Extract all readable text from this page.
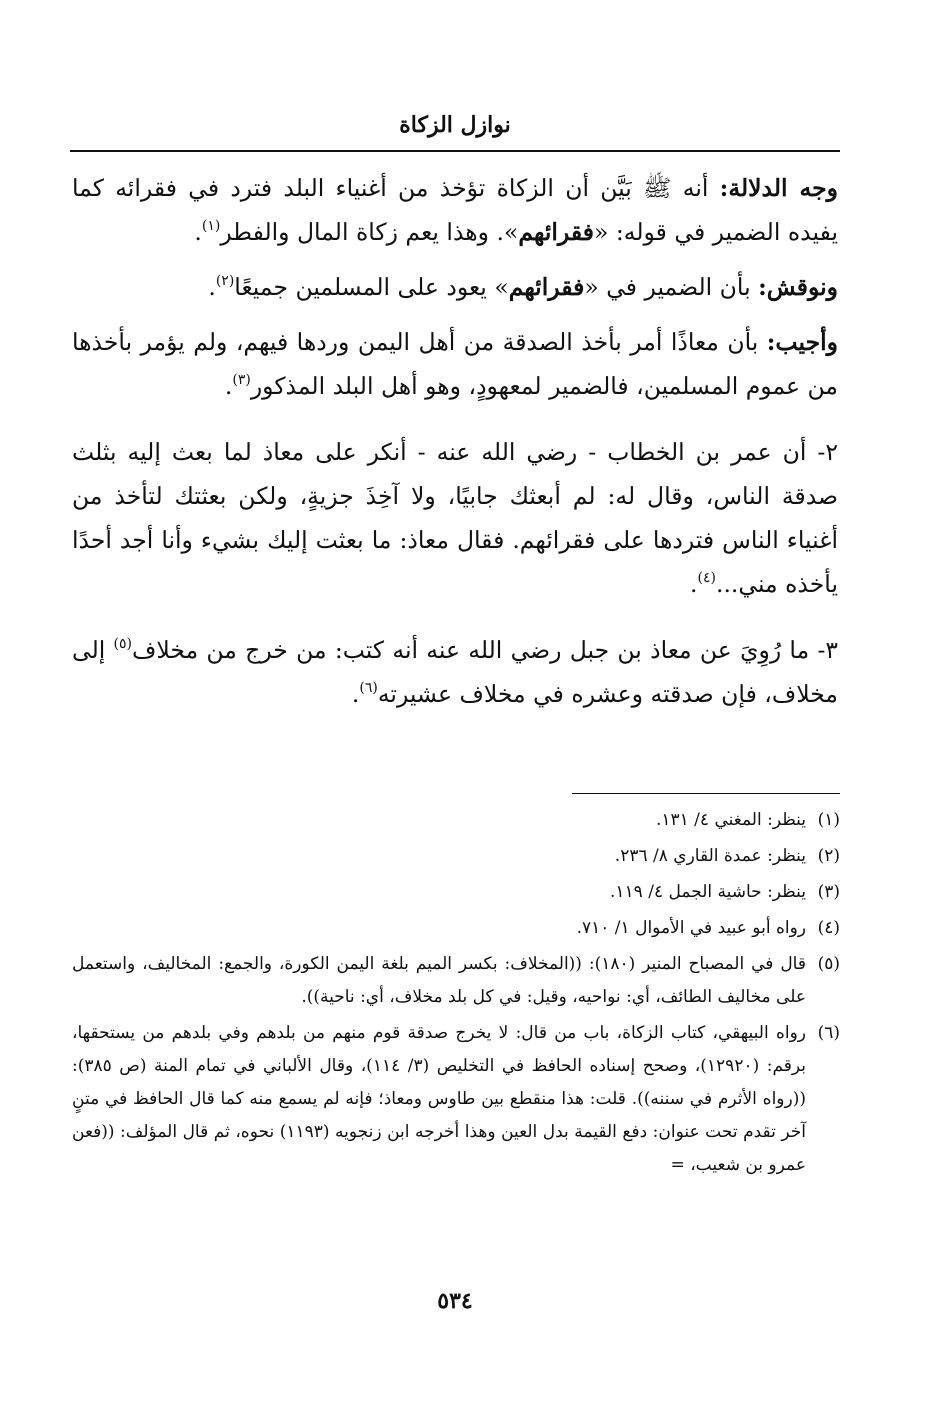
نوازل الزكاة

وجه الدلالة: أنه ﷺ بَيَّن أن الزكاة تؤخذ من أغنياء البلد فترد في فقرائه كما يفيده الضمير في قوله: «فقرائهم». وهذا يعم زكاة المال والفطر$^{(١)}$.

ونوقش: بأن الضمير في «فقرائهم» يعود على المسلمين جميعًا$^{(٢)}$.

وأجيب: بأن معاذًا أمر بأخذ الصدقة من أهل اليمن وردها فيهم، ولم يؤمر بأخذها من عموم المسلمين، فالضمير لمعهودٍ، وهو أهل البلد المذكور$^{(٣)}$.

٢- أن عمر بن الخطاب - رضي الله عنه - أنكر على معاذ لما بعث إليه بثلث صدقة الناس، وقال له: لم أبعثك جابيًا، ولا آخِذَ جزيةٍ، ولكن بعثتك لتأخذ من أغنياء الناس فتردها على فقرائهم. فقال معاذ: ما بعثت إليك بشيء وأنا أجد أحدًا يأخذه مني...$^{(٤)}$.

٣- ما رُوِيَ عن معاذ بن جبل رضي الله عنه أنه كتب: من خرج من مخلاف$^{(٥)}$ إلى مخلاف، فإن صدقته وعشره في مخلاف عشيرته$^{(٦)}$.

(١)
ينظر: المغني ٤/ ١٣١.
(٢)
ينظر: عمدة القاري ٨/ ٢٣٦.
(٣)
ينظر: حاشية الجمل ٤/ ١١٩.
(٤)
رواه أبو عبيد في الأموال ١/ ٧١٠.
(٥)
قال في المصباح المنير (١٨٠): ((المخلاف: بكسر الميم بلغة اليمن الكورة، والجمع: المخاليف، واستعمل على مخاليف الطائف، أي: نواحيه، وقيل: في كل بلد مخلاف، أي: ناحية)).
(٦)
رواه البيهقي، كتاب الزكاة، باب من قال: لا يخرج صدقة قوم منهم من بلدهم وفي بلدهم من يستحقها، برقم: (١٢٩٢٠)، وصحح إسناده الحافظ في التخليص (٣/ ١١٤)، وقال الألباني في تمام المنة (ص ٣٨٥): ((رواه الأثرم في سننه)). قلت: هذا منقطع بين طاوس ومعاذ؛ فإنه لم يسمع منه كما قال الحافظ في متنٍ آخر تقدم تحت عنوان: دفع القيمة بدل العين وهذا أخرجه ابن زنجويه (١١٩٣) نحوه، ثم قال المؤلف: ((فعن عمرو بن شعيب، =
٥٣٤
